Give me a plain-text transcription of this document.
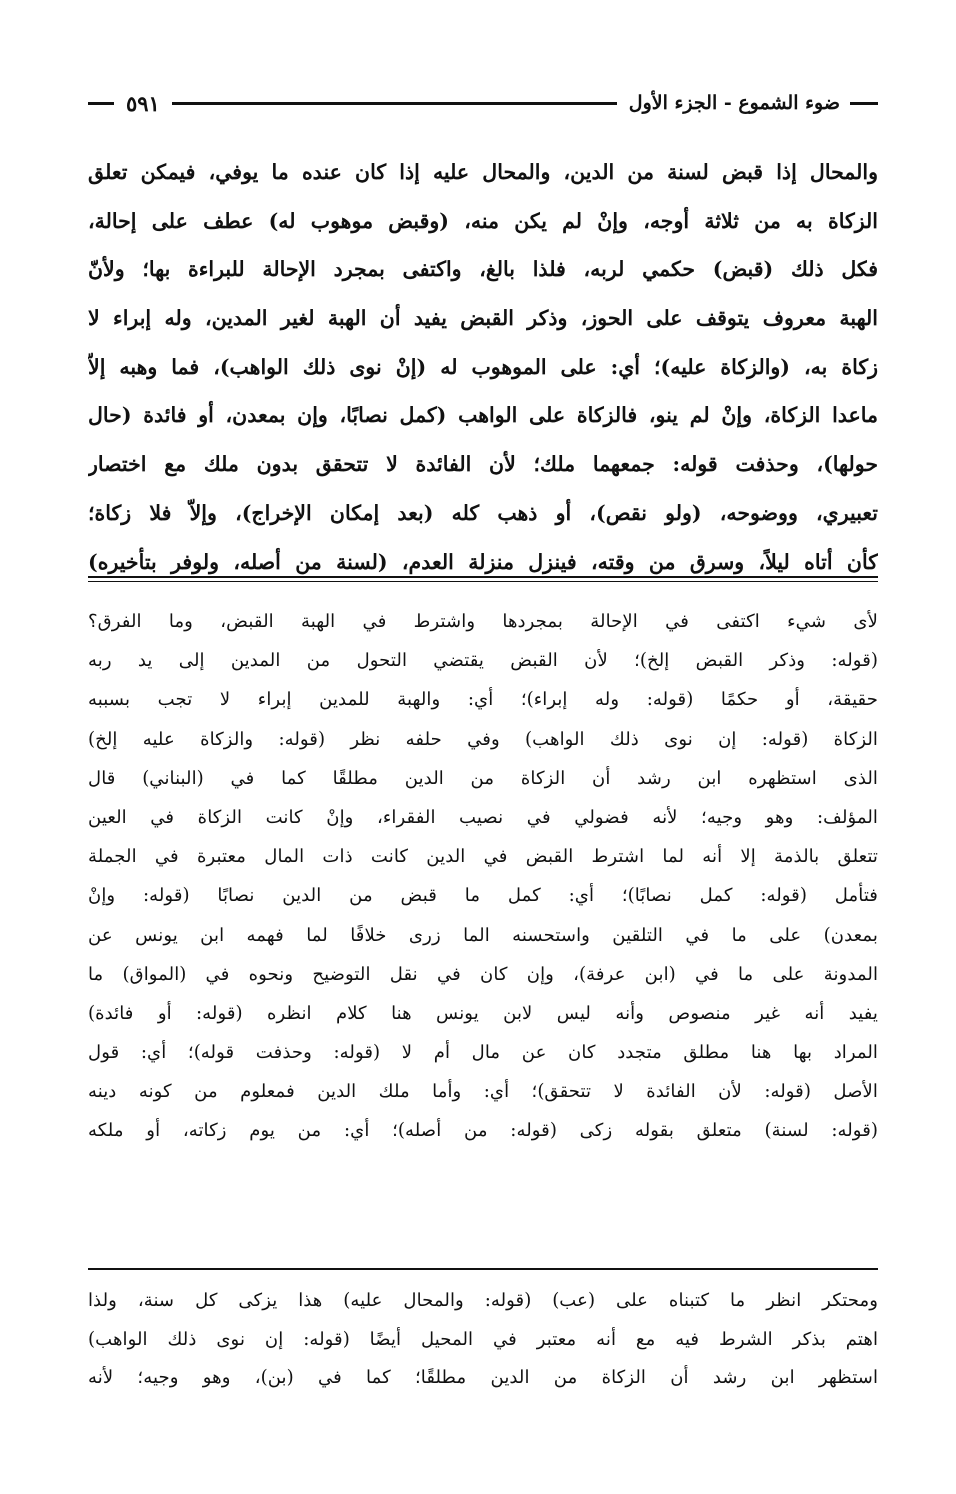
ضوء الشموع - الجزء الأول
٥٩١
والمحال إذا قبض لسنة من الدين، والمحال عليه إذا كان عنده ما يوفي، فيمكن تعلق
الزكاة به من ثلاثة أوجه، وإنْ لم يكن منه، (وقبض موهوب له) عطف على إحالة،
فكل ذلك (قبض) حكمي لربه، فلذا بالغ، واكتفى بمجرد الإحالة للبراءة بها؛ ولأنّ
الهبة معروف يتوقف على الحوز، وذكر القبض يفيد أن الهبة لغير المدين، وله إبراء لا
زكاة به، (والزكاة عليه)؛ أي: على الموهوب له (إنْ نوى ذلك الواهب)، فما وهبه إلاّ
ماعدا الزكاة، وإنْ لم ينو، فالزكاة على الواهب (كمل نصابًا، وإن بمعدن، أو فائدة (حال
حولها)، وحذفت قوله: جمعهما ملك؛ لأن الفائدة لا تتحقق بدون ملك مع اختصار
تعبيري، ووضوحه، (ولو نقص)، أو ذهب كله (بعد إمكان الإخراج)، وإلاّ فلا زكاة؛
كأن أتاه ليلاً، وسرق من وقته، فينزل منزلة العدم، (لسنة من أصله، ولوفر بتأخيره)
لأى شيء اكتفى في الإحالة بمجردها واشترط في الهبة القبض، وما الفرق؟
(قوله: وذكر القبض إلخ)؛ لأن القبض يقتضي التحول من المدين إلى يد ربه
حقيقة، أو حكمًا (قوله: وله إبراء)؛ أي: والهبة للمدين إبراء لا تجب بسببه
الزكاة (قوله: إن نوى ذلك الواهب) وفي حلفه نظر (قوله: والزكاة عليه إلخ)
الذى استظهره ابن رشد أن الزكاة من الدين مطلقًا كما في (البناني) قال
المؤلف: وهو وجيه؛ لأنه فضولي في نصيب الفقراء، وإنْ كانت الزكاة في العين
تتعلق بالذمة إلا أنه لما اشترط القبض في الدين كانت ذات المال معتبرة في الجملة
فتأمل (قوله: كمل نصابًا)؛ أي: كمل ما قبض من الدين نصابًا (قوله: وإنْ
بمعدن) على ما في التلقين واستحسنه الما زرى خلافًا لما فهمه ابن يونس عن
المدونة على ما في (ابن عرفة)، وإن كان في نقل التوضيح ونحوه في (المواق) ما
يفيد أنه غير منصوص وأنه ليس لابن يونس هنا كلام انظره (قوله: أو فائدة)
المراد بها هنا مطلق متجدد كان عن مال أم لا (قوله: وحذفت قوله)؛ أي: قول
الأصل (قوله: لأن الفائدة لا تتحقق)؛ أي: وأما ملك الدين فمعلوم من كونه دينه
(قوله: لسنة) متعلق بقوله زكى (قوله: من أصله)؛ أي: من يوم زكاته، أو ملكه
ومحتكر انظر ما كتبناه على (عب) (قوله: والمحال عليه) هذا يزكى كل سنة، ولذا
اهتم بذكر الشرط فيه مع أنه معتبر في المحيل أيضًا (قوله: إن نوى ذلك الواهب)
استظهر ابن رشد أن الزكاة من الدين مطلقًا؛ كما في (بن)، وهو وجيه؛ لأنه
